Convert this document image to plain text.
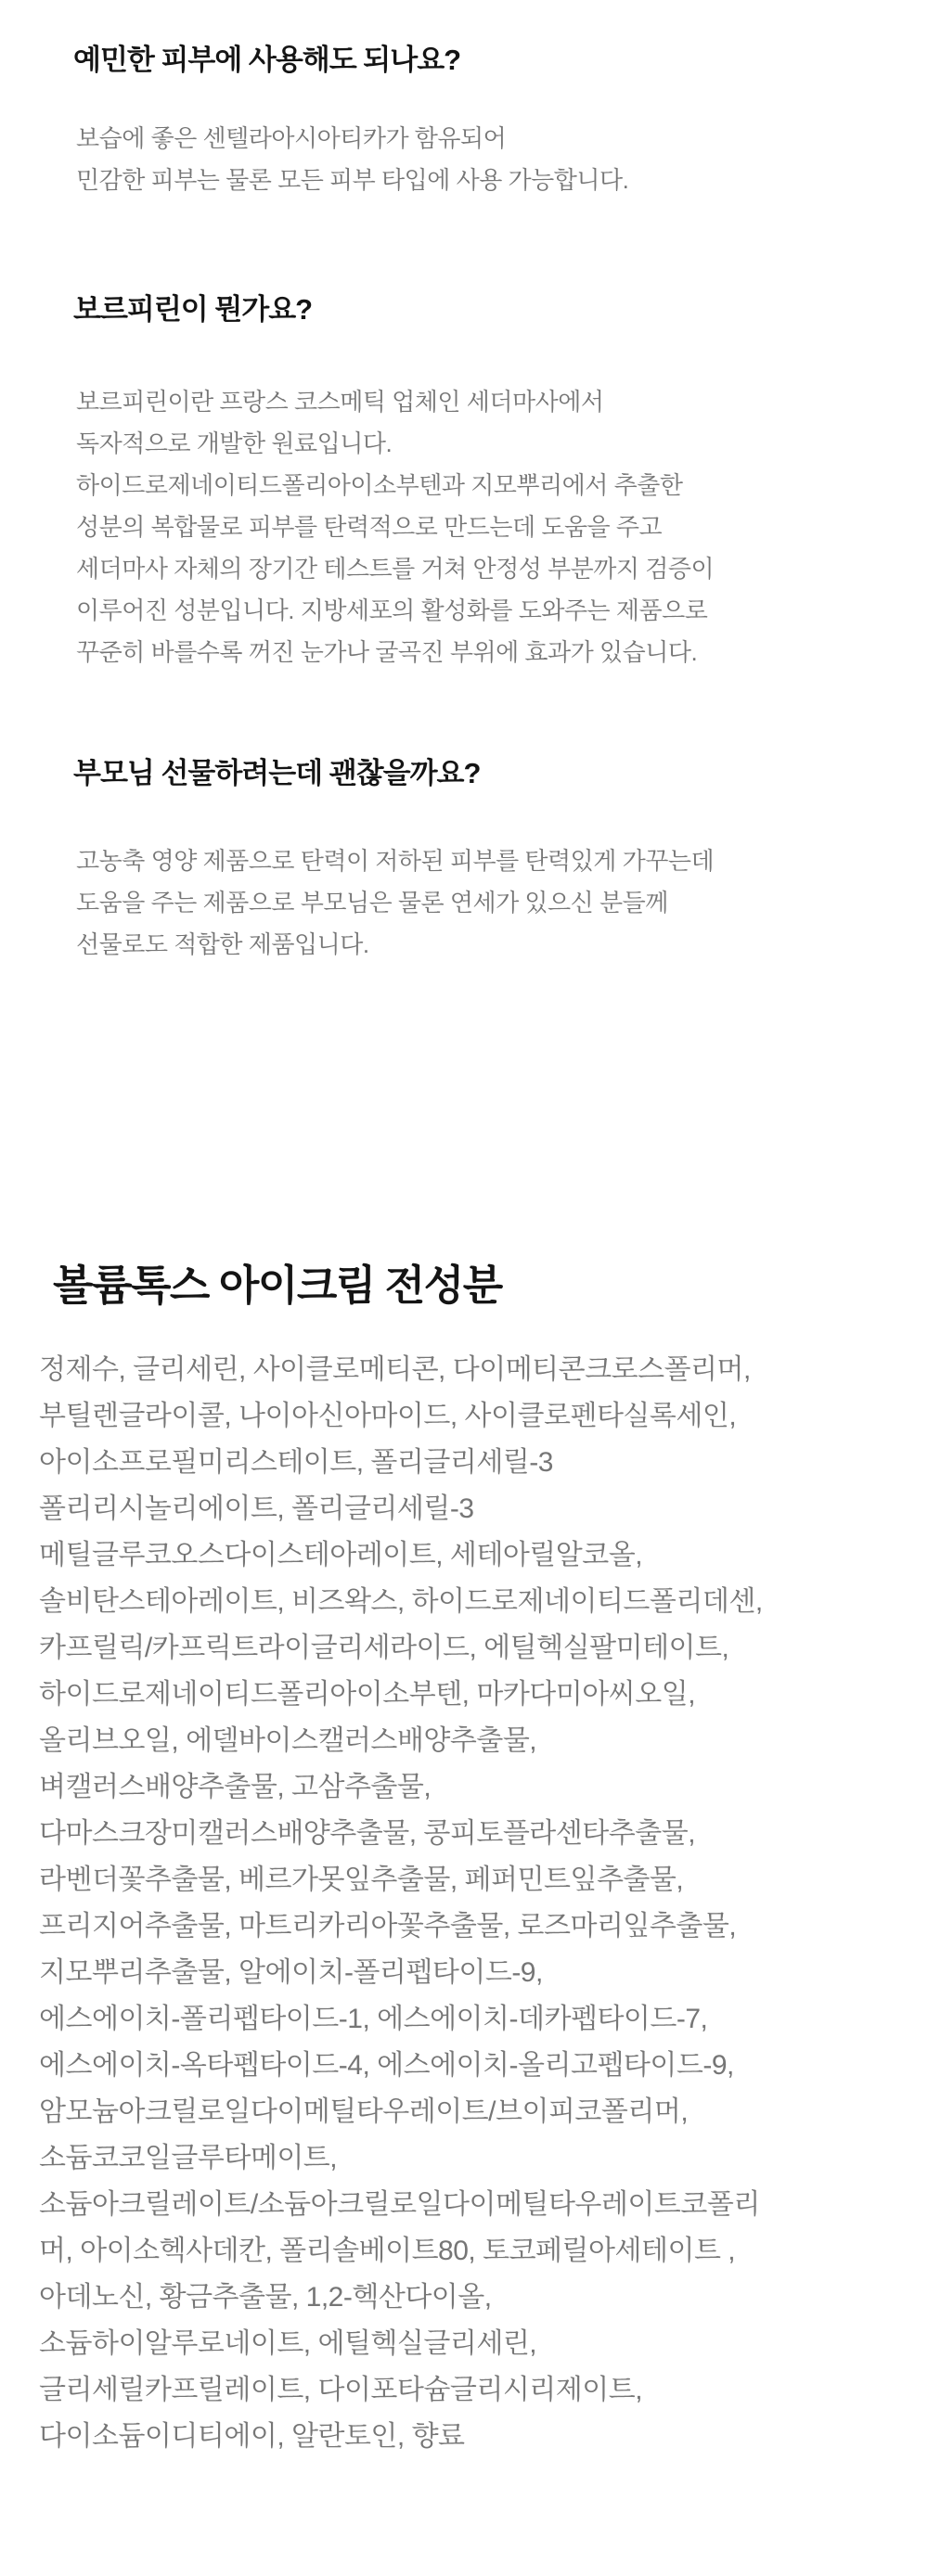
예민한 피부에 사용해도 되나요?
보습에 좋은 센텔라아시아티카가 함유되어
민감한 피부는 물론 모든 피부 타입에 사용 가능합니다.
보르피린이 뭔가요?
보르피린이란 프랑스 코스메틱 업체인 세더마사에서
독자적으로 개발한 원료입니다.
하이드로제네이티드폴리아이소부텐과 지모뿌리에서 추출한
성분의 복합물로 피부를 탄력적으로 만드는데 도움을 주고
세더마사 자체의 장기간 테스트를 거쳐 안정성 부분까지 검증이
이루어진 성분입니다. 지방세포의 활성화를 도와주는 제품으로
꾸준히 바를수록 꺼진 눈가나 굴곡진 부위에 효과가 있습니다.
부모님 선물하려는데 괜찮을까요?
고농축 영양 제품으로 탄력이 저하된 피부를 탄력있게 가꾸는데
도움을 주는 제품으로 부모님은 물론 연세가 있으신 분들께
선물로도 적합한 제품입니다.
볼륨톡스 아이크림 전성분
정제수, 글리세린, 사이클로메티콘, 다이메티콘크로스폴리머,
부틸렌글라이콜, 나이아신아마이드, 사이클로펜타실록세인,
아이소프로필미리스테이트, 폴리글리세릴-3
폴리리시놀리에이트, 폴리글리세릴-3
메틸글루코오스다이스테아레이트, 세테아릴알코올,
솔비탄스테아레이트, 비즈왁스, 하이드로제네이티드폴리데센,
카프릴릭/카프릭트라이글리세라이드, 에틸헥실팔미테이트,
하이드로제네이티드폴리아이소부텐, 마카다미아씨오일,
올리브오일, 에델바이스캘러스배양추출물,
벼캘러스배양추출물, 고삼추출물,
다마스크장미캘러스배양추출물, 콩피토플라센타추출물,
라벤더꽃추출물, 베르가못잎추출물, 페퍼민트잎추출물,
프리지어추출물, 마트리카리아꽃추출물, 로즈마리잎추출물,
지모뿌리추출물, 알에이치-폴리펩타이드-9,
에스에이치-폴리펩타이드-1, 에스에이치-데카펩타이드-7,
에스에이치-옥타펩타이드-4, 에스에이치-올리고펩타이드-9,
암모늄아크릴로일다이메틸타우레이트/브이피코폴리머,
소듐코코일글루타메이트,
소듐아크릴레이트/소듐아크릴로일다이메틸타우레이트코폴리
머, 아이소헥사데칸, 폴리솔베이트80, 토코페릴아세테이트 ,
아데노신, 황금추출물, 1,2-헥산다이올,
소듐하이알루로네이트, 에틸헥실글리세린,
글리세릴카프릴레이트, 다이포타슘글리시리제이트,
다이소듐이디티에이, 알란토인, 향료
